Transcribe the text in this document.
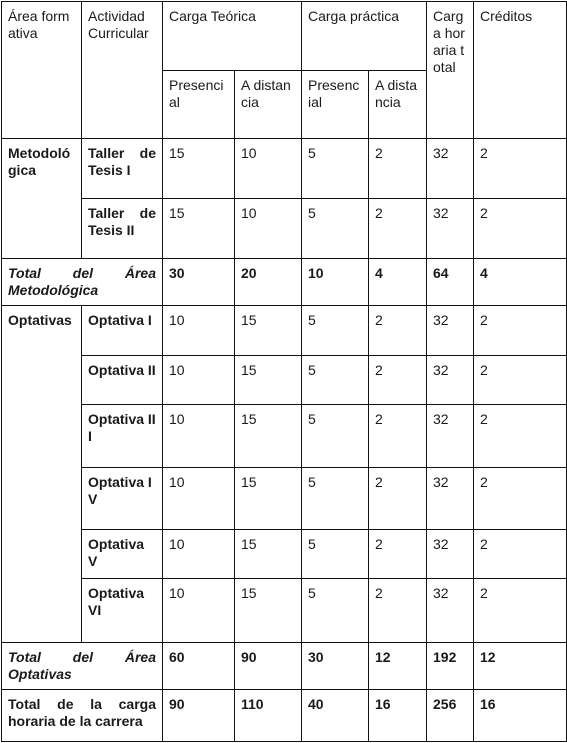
Área formativa	Actividad Curricular	Carga Teórica		Carga práctica		Carga horaria total	Créditos
		Presencial	A distancia	Presencial	A distancia		
Metodológica	Taller de Tesis I	15	10	5	2	32	2
	Taller de Tesis II	15	10	5	2	32	2
Total del Área Metodológica		30	20	10	4	64	4
Optativas	Optativa I	10	15	5	2	32	2
	Optativa II	10	15	5	2	32	2
	Optativa III	10	15	5	2	32	2
	Optativa IV	10	15	5	2	32	2
	Optativa V	10	15	5	2	32	2
	Optativa VI	10	15	5	2	32	2
Total del Área Optativas		60	90	30	12	192	12
Total de la carga horaria de la carrera		90	110	40	16	256	16
